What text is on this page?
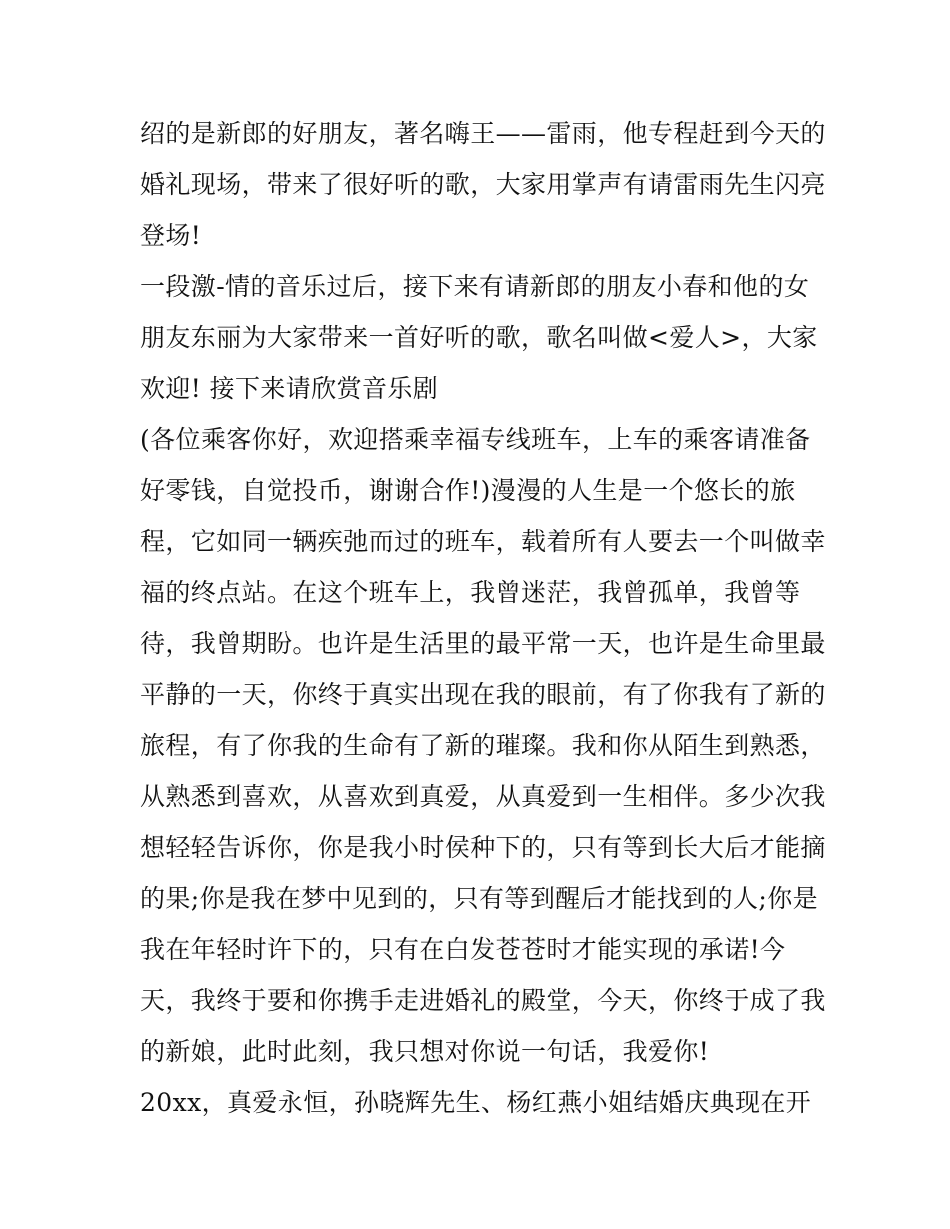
绍的是新郎的好朋友，著名嗨王——雷雨，他专程赶到今天的
婚礼现场，带来了很好听的歌，大家用掌声有请雷雨先生闪亮
登场!
一段激-情的音乐过后，接下来有请新郎的朋友小春和他的女
朋友东丽为大家带来一首好听的歌，歌名叫做<爱人>，大家
欢迎! 接下来请欣赏音乐剧
(各位乘客你好，欢迎搭乘幸福专线班车，上车的乘客请准备
好零钱，自觉投币，谢谢合作!)漫漫的人生是一个悠长的旅
程，它如同一辆疾弛而过的班车，载着所有人要去一个叫做幸
福的终点站。在这个班车上，我曾迷茫，我曾孤单，我曾等
待，我曾期盼。也许是生活里的最平常一天，也许是生命里最
平静的一天，你终于真实出现在我的眼前，有了你我有了新的
旅程，有了你我的生命有了新的璀璨。我和你从陌生到熟悉，
从熟悉到喜欢，从喜欢到真爱，从真爱到一生相伴。多少次我
想轻轻告诉你，你是我小时侯种下的，只有等到长大后才能摘
的果;你是我在梦中见到的，只有等到醒后才能找到的人;你是
我在年轻时许下的，只有在白发苍苍时才能实现的承诺!今
天，我终于要和你携手走进婚礼的殿堂，今天，你终于成了我
的新娘，此时此刻，我只想对你说一句话，我爱你!
20xx，真爱永恒，孙晓辉先生、杨红燕小姐结婚庆典现在开
